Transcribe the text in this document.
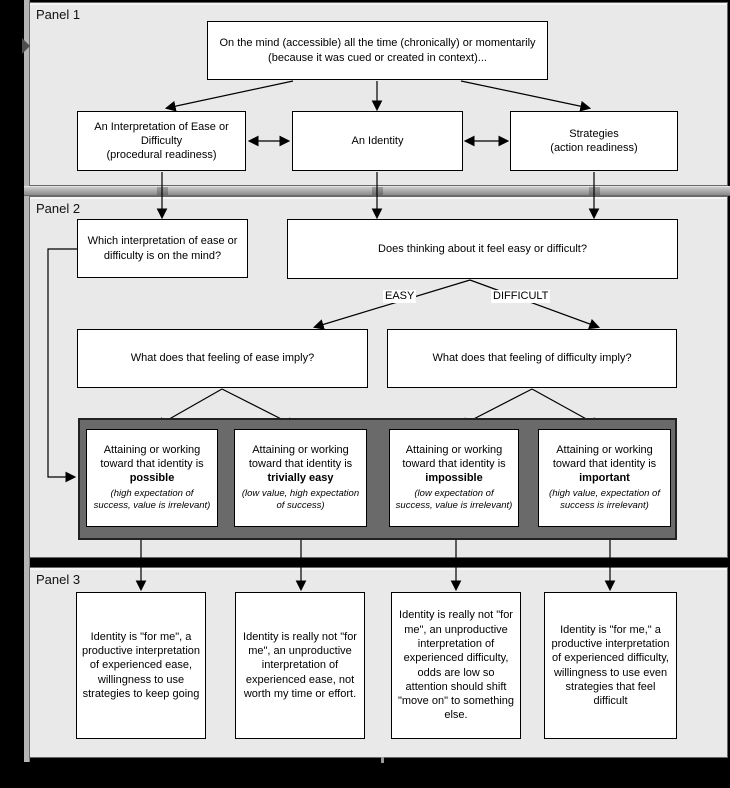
Panel 1
Panel 2
Panel 3
On the mind (accessible) all the time (chronically) or momentarily (because it was cued or created in context)...
An Interpretation of Ease or Difficulty
(procedural readiness)
An Identity
Strategies
(action readiness)
Which interpretation of ease or difficulty is on the mind?
Does thinking about it feel easy or difficult?
EASY	DIFFICULT
What does that feeling of ease imply?	What does that feeling of difficulty imply?
Attaining or working toward that identity is
possible
(high expectation of success, value is irrelevant)
Attaining or working toward that identity is
trivially easy
(low value, high expectation of success)
Attaining or working toward that identity is
impossible
(low expectation of success, value is irrelevant)
Attaining or working toward that identity is
important
(high value, expectation of success is irrelevant)
Identity is "for me", a productive interpretation of experienced ease, willingness to use strategies to keep going
Identity is really not "for me", an unproductive interpretation of experienced ease, not worth my time or effort.
Identity is really not "for me", an unproductive interpretation of experienced difficulty, odds are low so attention should shift "move on" to something else.
Identity is "for me," a productive interpretation of experienced difficulty, willingness to use even strategies that feel difficult
